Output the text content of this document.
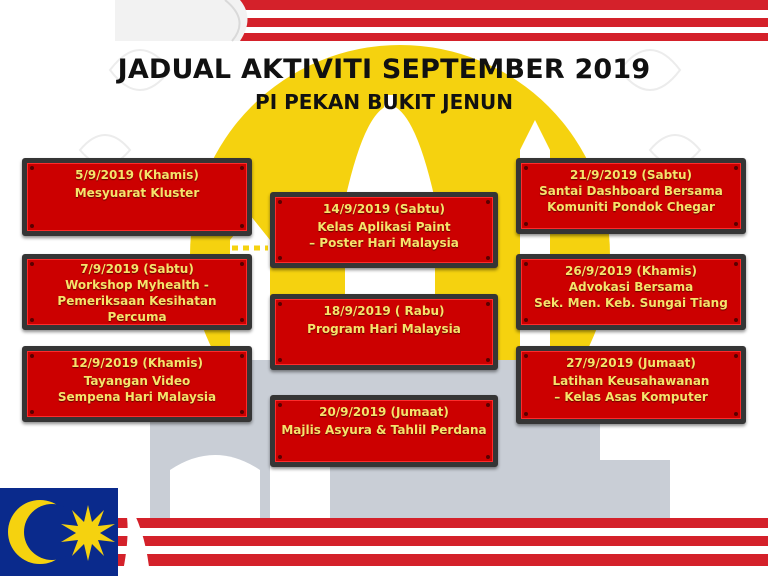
JADUAL AKTIVITI SEPTEMBER 2019
PI PEKAN BUKIT JENUN
5/9/2019 (Khamis)
Mesyuarat Kluster
7/9/2019 (Sabtu)
Workshop Myhealth -
Pemeriksaan Kesihatan
Percuma
12/9/2019 (Khamis)
Tayangan Video
Sempena Hari Malaysia
14/9/2019 (Sabtu)
Kelas Aplikasi Paint
– Poster Hari Malaysia
18/9/2019 ( Rabu)
Program Hari Malaysia
20/9/2019 (Jumaat)
Majlis Asyura & Tahlil Perdana
21/9/2019 (Sabtu)
Santai Dashboard Bersama
Komuniti Pondok Chegar
26/9/2019 (Khamis)
Advokasi Bersama
Sek. Men. Keb. Sungai Tiang
27/9/2019 (Jumaat)
Latihan Keusahawanan
– Kelas Asas Komputer
